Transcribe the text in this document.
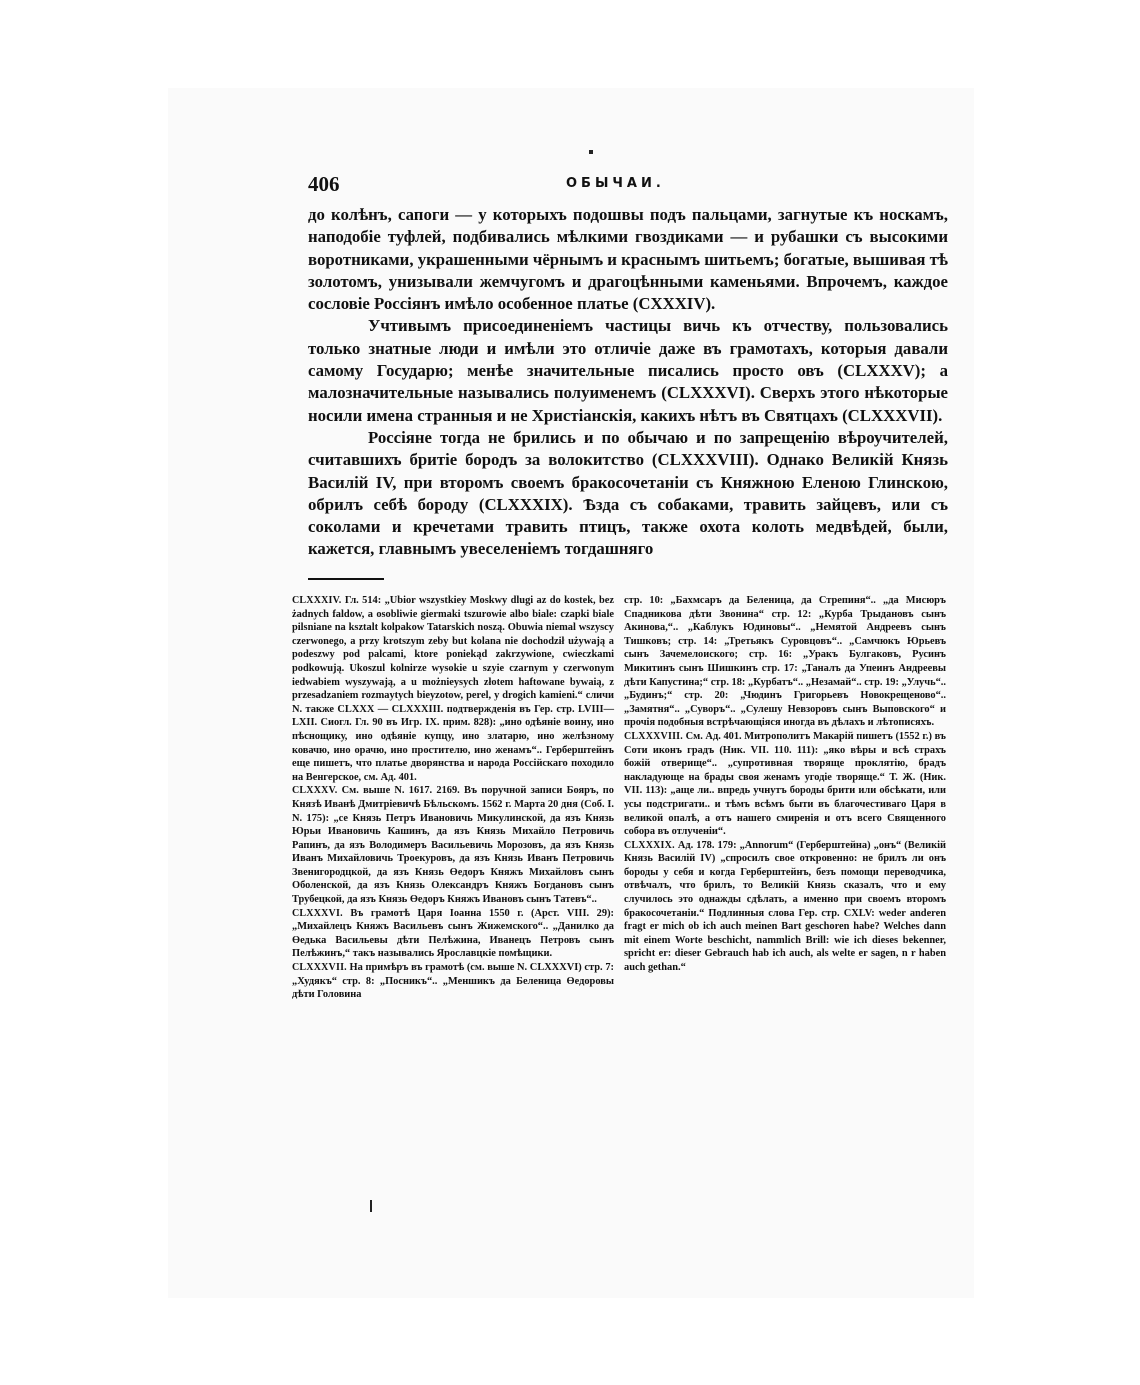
406	ОБЫЧАИ.

до колѣнъ, сапоги — у которыхъ подошвы подъ пальцами, загнутые къ носкамъ, наподобіе туфлей, подбивались мѣлкими гвоздиками — и рубашки съ высокими воротниками, украшенными чёрнымъ и краснымъ шитьемъ; богатые, вышивая тѣ золотомъ, унизывали жемчугомъ и драгоцѣнными каменьями. Впрочемъ, каждое сословіе Россіянъ имѣло особенное платье (CXXXIV).

Учтивымъ присоединеніемъ частицы вичь къ отчеству, пользовались только знатные люди и имѣли это отличіе даже въ грамотахъ, которыя давали самому Государю; менѣе значительные писались просто овъ (CLXXXV); а малозначительные назывались полуименемъ (CLXXXVI). Сверхъ этого нѣкоторые носили имена странныя и не Христіанскія, какихъ нѣтъ въ Святцахъ (CLXXXVII).

Россіяне тогда не брились и по обычаю и по запрещенію вѣроучителей, считавшихъ бритіе бородъ за волокитство (CLXXXVIII). Однако Великій Князь Василій IV, при второмъ своемъ бракосочетаніи съ Княжною Еленою Глинскою, обрилъ себѣ бороду (CLXXXIX). Ѣзда съ собаками, травить зайцевъ, или съ соколами и кречетами травить птицъ, также охота колоть медвѣдей, были, кажется, главнымъ увеселеніемъ тогдашняго

CLXXXIV. Гл. 514: „Ubior wszystkiey Moskwy dlugi az do kostek, bez żadnych faldow, a osobliwie giermaki tszurowie albo biale: czapki biale pilsniane na ksztalt kolpakow Tatarskich noszą. Obuwia niemal wszyscy czerwonego, a przy krotszym zeby but kolana nie dochodził używają a podeszwy pod palcami, ktore poniekąd zakrzywione, cwieczkami podkowują. Ukoszul kolnirze wysokie u szyie czarnym y czerwonym iedwabiem wyszywają, a u możnieysych złotem haftowane bywaią, z przesadzaniem rozmaytych bieyzotow, perel, y drogich kamieni.“ сличи N. также CLXXX — CLXXXIII. подтвержденія въ Гер. стр. LVIII—LXII. Сиогл. Гл. 90 въ Игр. IX. прим. 828): „ино одѣяніе воину, ино пѣснощику, ино одѣяніе купцу, ино златарю, ино желѣзному ковачю, ино орачю, ино простителю, ино женамъ“.. Герберштейнъ еще пишетъ, что платье дворянства и народа Россійскаго походило на Венгерское, см. Ад. 401.

CLXXXV. См. выше N. 1617. 2169. Въ поручной записи Бояръ, по Князѣ Иванѣ Дмитріевичѣ Бѣльскомъ. 1562 г. Марта 20 дня (Соб. I. N. 175): „се Князь Петръ Ивановичь Микулинской, да язъ Князь Юрьи Ивановичь Кашинъ, да язъ Князь Михайло Петровичь Рапинъ, да язъ Володимеръ Васильевичь Морозовъ, да язъ Князь Иванъ Михайловичь Троекуровъ, да язъ Князь Иванъ Петровичь Звенигородцкой, да язъ Князь Өедоръ Княжъ Михайловъ сынъ Оболенской, да язъ Князь Олександръ Княжъ Богдановъ сынъ Трубецкой, да язъ Князь Өедоръ Княжъ Ивановъ сынъ Татевъ“..

CLXXXVI. Въ грамотѣ Царя Іоанна 1550 г. (Арст. VIII. 29): „Михайлецъ Княжъ Васильевъ сынъ Жижемского“.. „Данилко да Өедька Васильевы дѣти Пелѣжина, Иванецъ Петровъ сынъ Пелѣжинъ,“ такъ назывались Ярославцкіе помѣщики.

CLXXXVII. На примѣръ въ грамотѣ (см. выше N. CLXXXVI) стр. 7: „Худякъ“ стр. 8: „Посникъ“.. „Меншикъ да Беленица Өедоровы дѣти Головина

стр. 10: „Бахмсаръ да Беленица, да Стрепиня“.. „да Мисюръ Спадникова дѣти Звонина“ стр. 12: „Курба Трыдановъ сынъ Акинова,“.. „Каблукъ Юдиновы“.. „Немятой Андреевъ сынъ Тишковъ; стр. 14: „Третьякъ Суровцовъ“.. „Самчюкъ Юрьевъ сынъ Зачемелоиского; стр. 16: „Уракъ Булгаковъ, Русинъ Микитинъ сынъ Шишкинъ стр. 17: „Таналъ да Упеинъ Андреевы дѣти Капустина;“ стр. 18: „Курбатъ“.. „Незамай“.. стр. 19: „Улучь“.. „Будинъ;“ стр. 20: „Чюдинъ Григорьевъ Новокрещеново“.. „Замятня“.. „Суворъ“.. „Сулешу Невзоровъ сынъ Выповского“ и прочія подобныя встрѣчающіяся иногда въ дѣлахъ и лѣтописяхъ.

CLXXXVIII. См. Ад. 401. Митрополитъ Макарій пишетъ (1552 г.) въ Соти иконъ градъ (Ник. VII. 110. 111): „яко вѣры и всѣ страхъ божій отверище“.. „супротивная творяще проклятію, брадъ накладующе на брады своя женамъ угодіе творяще.“ Т. Ж. (Ник. VII. 113): „аще ли.. впредь учнутъ бороды брити или обсѣкати, или усы подстригати.. и тѣмъ всѣмъ быти въ благочестиваго Царя в великой опалѣ, а отъ нашего смиренія и отъ всего Священного собора въ отлученіи“.

CLXXXIX. Ад. 178. 179: „Annorum“ (Герберштейна) „онъ“ (Великій Князь Василій IV) „спросилъ свое откровенно: не брилъ ли онъ бороды у себя и когда Герберштейнъ, безъ помощи переводчика, отвѣчалъ, что брилъ, то Великій Князь сказалъ, что и ему случилось это однажды сдѣлать, а именно при своемъ второмъ бракосочетаніи.“ Подлинныя слова Гер. стр. CXLV: weder anderen fragt er mich ob ich auch meinen Bart geschoren habe? Welches dann mit einem Worte beschicht, nammlich Brill: wie ich dieses bekenner, spricht er: dieser Gebrauch hab ich auch, als welte er sagen, n r haben auch gethan.“
